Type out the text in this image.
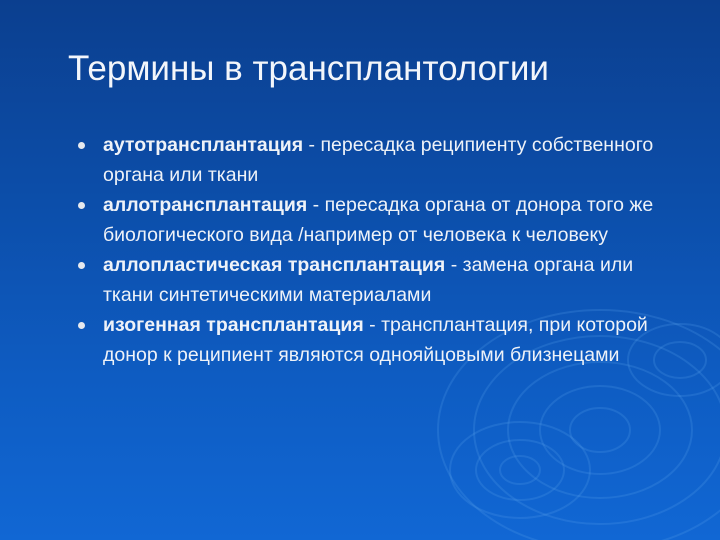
Термины в трансплантологии
аутотрансплантация - пересадка реципиенту собственного органа или ткани
аллотрансплантация - пересадка органа от донора того же биологического вида /например от человека к человеку
аллопластическая трансплантация - замена органа или ткани синтетическими материалами
изогенная трансплантация - трансплантация, при которой донор к реципиент являются однояйцовыми близнецами
